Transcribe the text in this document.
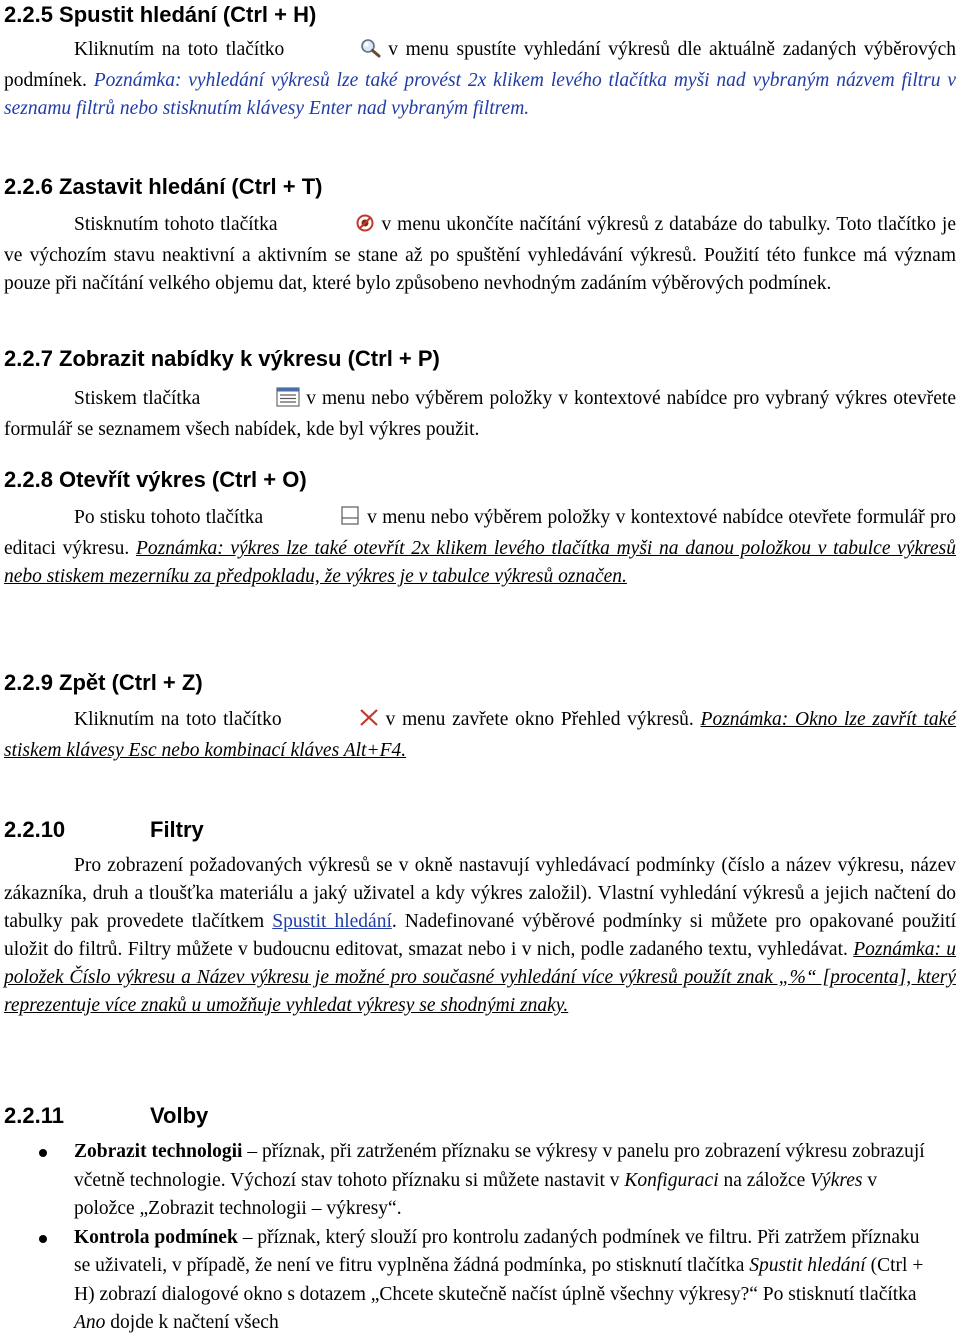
2.2.5 Spustit hledání (Ctrl + H)

Kliknutím na toto tlačítko	v menu spustíte vyhledání výkresů dle aktuálně zadaných výběrových podmínek. Poznámka: vyhledání výkresů lze také provést 2x klikem levého tlačítka myši nad vybraným názvem filtru v seznamu filtrů nebo stisknutím klávesy Enter nad vybraným filtrem.

2.2.6 Zastavit hledání (Ctrl + T)

Stisknutím tohoto tlačítka	v menu ukončíte načítání výkresů z databáze do tabulky. Toto tlačítko je ve výchozím stavu neaktivní a aktivním se stane až po spuštění vyhledávání výkresů. Použití této funkce má význam pouze při načítání velkého objemu dat, které bylo způsobeno nevhodným zadáním výběrových podmínek.

2.2.7 Zobrazit nabídky k výkresu (Ctrl + P)

Stiskem tlačítka	v menu nebo výběrem položky v kontextové nabídce pro vybraný výkres otevřete formulář se seznamem všech nabídek, kde byl výkres použit.

2.2.8 Otevřít výkres (Ctrl + O)

Po stisku tohoto tlačítka	v menu nebo výběrem položky v kontextové nabídce otevřete formulář pro editaci výkresu. Poznámka: výkres lze také otevřít 2x klikem levého tlačítka myši na danou položkou v tabulce výkresů nebo stiskem mezerníku za předpokladu, že výkres je v tabulce výkresů označen.

2.2.9 Zpět (Ctrl + Z)

Kliknutím na toto tlačítko	v menu zavřete okno Přehled výkresů. Poznámka: Okno lze zavřít také stiskem klávesy Esc nebo kombinací kláves Alt+F4.

2.2.10	Filtry

Pro zobrazení požadovaných výkresů se v okně nastavují vyhledávací podmínky (číslo a název výkresu, název zákazníka, druh a tloušťka materiálu a jaký uživatel a kdy výkres založil). Vlastní vyhledání výkresů a jejich načtení do tabulky pak provedete tlačítkem Spustit hledání. Nadefinované výběrové podmínky si můžete pro opakované použití uložit do filtrů. Filtry můžete v budoucnu editovat, smazat nebo i v nich, podle zadaného textu, vyhledávat. Poznámka: u položek Číslo výkresu a Název výkresu je možné pro současné vyhledání více výkresů použít znak „%“ [procenta], který reprezentuje více znaků u umožňuje vyhledat výkresy se shodnými znaky.

2.2.11	Volby
Zobrazit technologii – příznak, při zatrženém příznaku se výkresy v panelu pro zobrazení výkresu zobrazují včetně technologie. Výchozí stav tohoto příznaku si můžete nastavit v Konfiguraci na záložce Výkres v položce „Zobrazit technologii – výkresy“.
Kontrola podmínek – příznak, který slouží pro kontrolu zadaných podmínek ve filtru. Při zatržem příznaku se uživateli, v případě, že není ve fitru vyplněna žádná podmínka, po stisknutí tlačítka Spustit hledání (Ctrl + H) zobrazí dialogové okno s dotazem „Chcete skutečně načíst úplně všechny výkresy?“ Po stisknutí tlačítka Ano dojde k načtení všech
